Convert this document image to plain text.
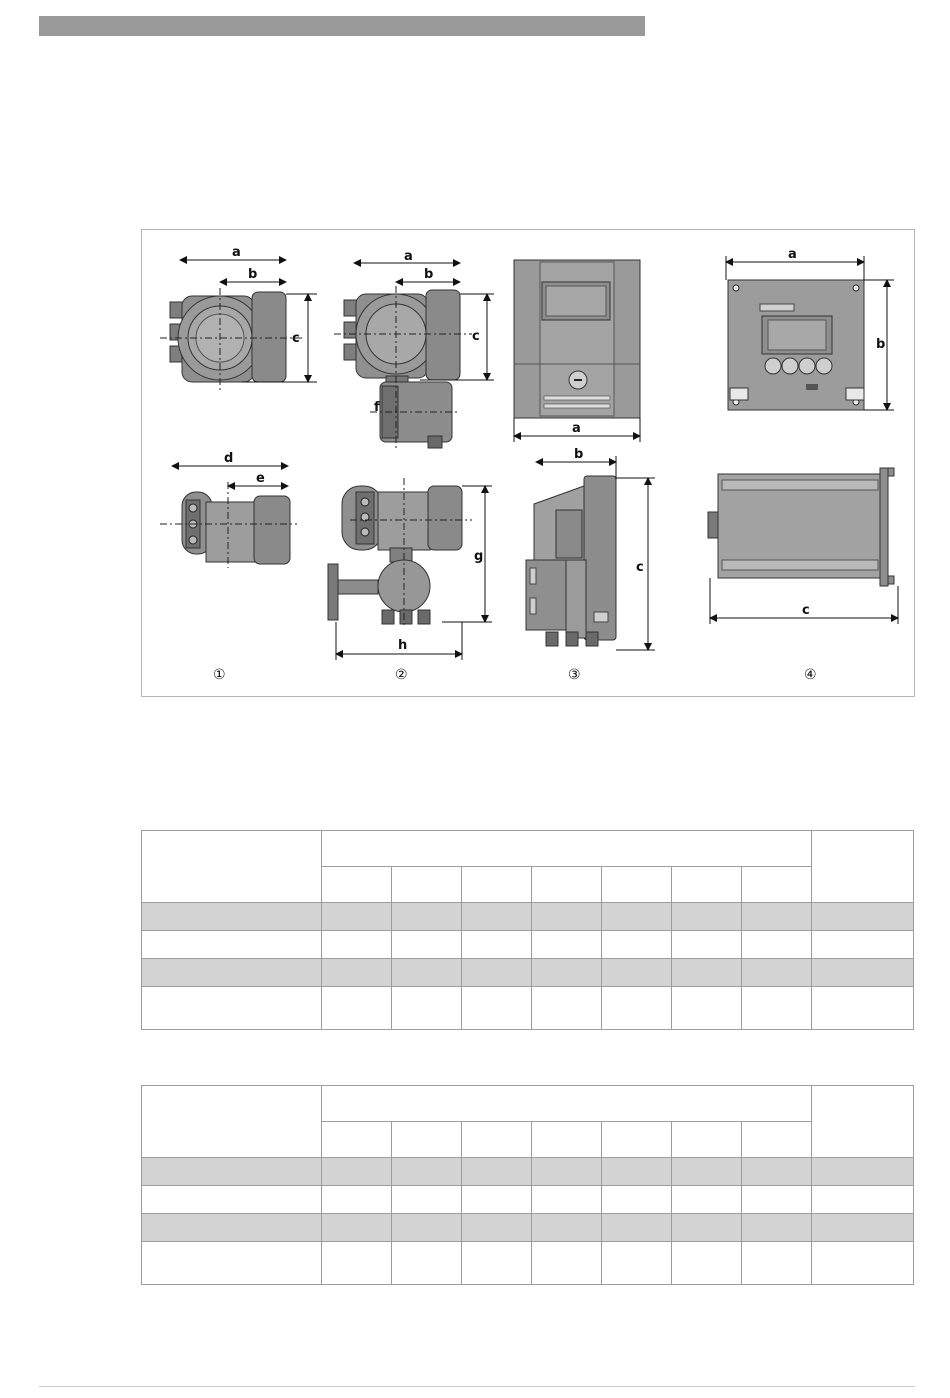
a
b
c
d
e
a
b
c
f
g
h
a
b
c
a
b
c
①	②	③	④
